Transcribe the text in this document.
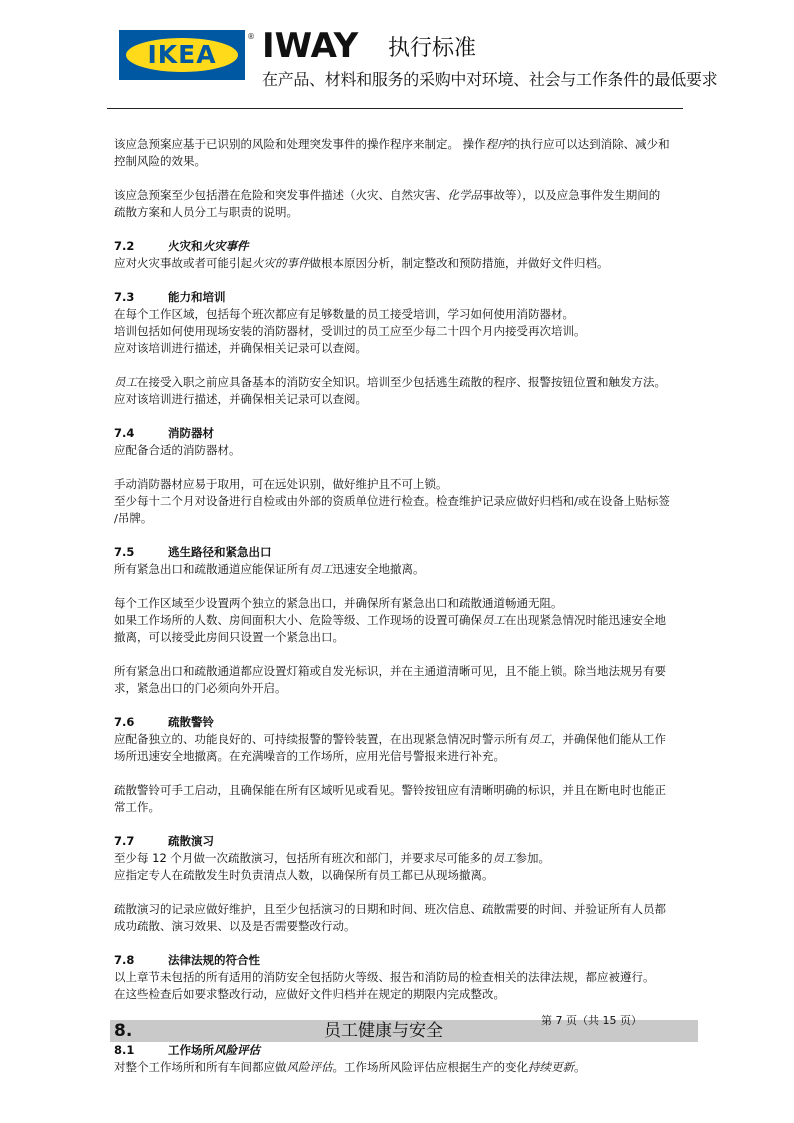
IKEA
® IWAY 执行标准
在产品、材料和服务的采购中对环境、社会与工作条件的最低要求

该应急预案应基于已识别的风险和处理突发事件的操作程序来制定。 操作程序的执行应可以达到消除、减少和
控制风险的效果。

该应急预案至少包括潜在危险和突发事件描述（火灾、自然灾害、化学品事故等），以及应急事件发生期间的
疏散方案和人员分工与职责的说明。

7.2	火灾和火灾事件

应对火灾事故或者可能引起火灾的事件做根本原因分析，制定整改和预防措施，并做好文件归档。

7.3	能力和培训

在每个工作区域，包括每个班次都应有足够数量的员工接受培训，学习如何使用消防器材。
培训包括如何使用现场安装的消防器材，受训过的员工应至少每二十四个月内接受再次培训。
应对该培训进行描述，并确保相关记录可以查阅。

员工在接受入职之前应具备基本的消防安全知识。培训至少包括逃生疏散的程序、报警按钮位置和触发方法。
应对该培训进行描述，并确保相关记录可以查阅。

7.4	消防器材

应配备合适的消防器材。

手动消防器材应易于取用，可在远处识别，做好维护且不可上锁。
至少每十二个月对设备进行自检或由外部的资质单位进行检查。检查维护记录应做好归档和/或在设备上贴标签
/吊牌。

7.5	逃生路径和紧急出口

所有紧急出口和疏散通道应能保证所有员工迅速安全地撤离。

每个工作区域至少设置两个独立的紧急出口，并确保所有紧急出口和疏散通道畅通无阻。
如果工作场所的人数、房间面积大小、危险等级、工作现场的设置可确保员工在出现紧急情况时能迅速安全地
撤离，可以接受此房间只设置一个紧急出口。

所有紧急出口和疏散通道都应设置灯箱或自发光标识，并在主通道清晰可见，且不能上锁。除当地法规另有要
求，紧急出口的门必须向外开启。

7.6	疏散警铃

应配备独立的、功能良好的、可持续报警的警铃装置，在出现紧急情况时警示所有员工，并确保他们能从工作
场所迅速安全地撤离。在充满噪音的工作场所，应用光信号警报来进行补充。

疏散警铃可手工启动，且确保能在所有区域听见或看见。警铃按钮应有清晰明确的标识，并且在断电时也能正
常工作。

7.7	疏散演习

至少每 12 个月做一次疏散演习，包括所有班次和部门，并要求尽可能多的员工参加。
应指定专人在疏散发生时负责清点人数，以确保所有员工都已从现场撤离。

疏散演习的记录应做好维护，且至少包括演习的日期和时间、班次信息、疏散需要的时间、并验证所有人员都
成功疏散、演习效果、以及是否需要整改行动。

7.8	法律法规的符合性

以上章节未包括的所有适用的消防安全包括防火等级、报告和消防局的检查相关的法律法规，都应被遵行。
在这些检查后如要求整改行动，应做好文件归档并在规定的期限内完成整改。

8.	员工健康与安全
8.1	工作场所风险评估

对整个工作场所和所有车间都应做风险评估。工作场所风险评估应根据生产的变化持续更新。

第 7 页（共 15 页）
